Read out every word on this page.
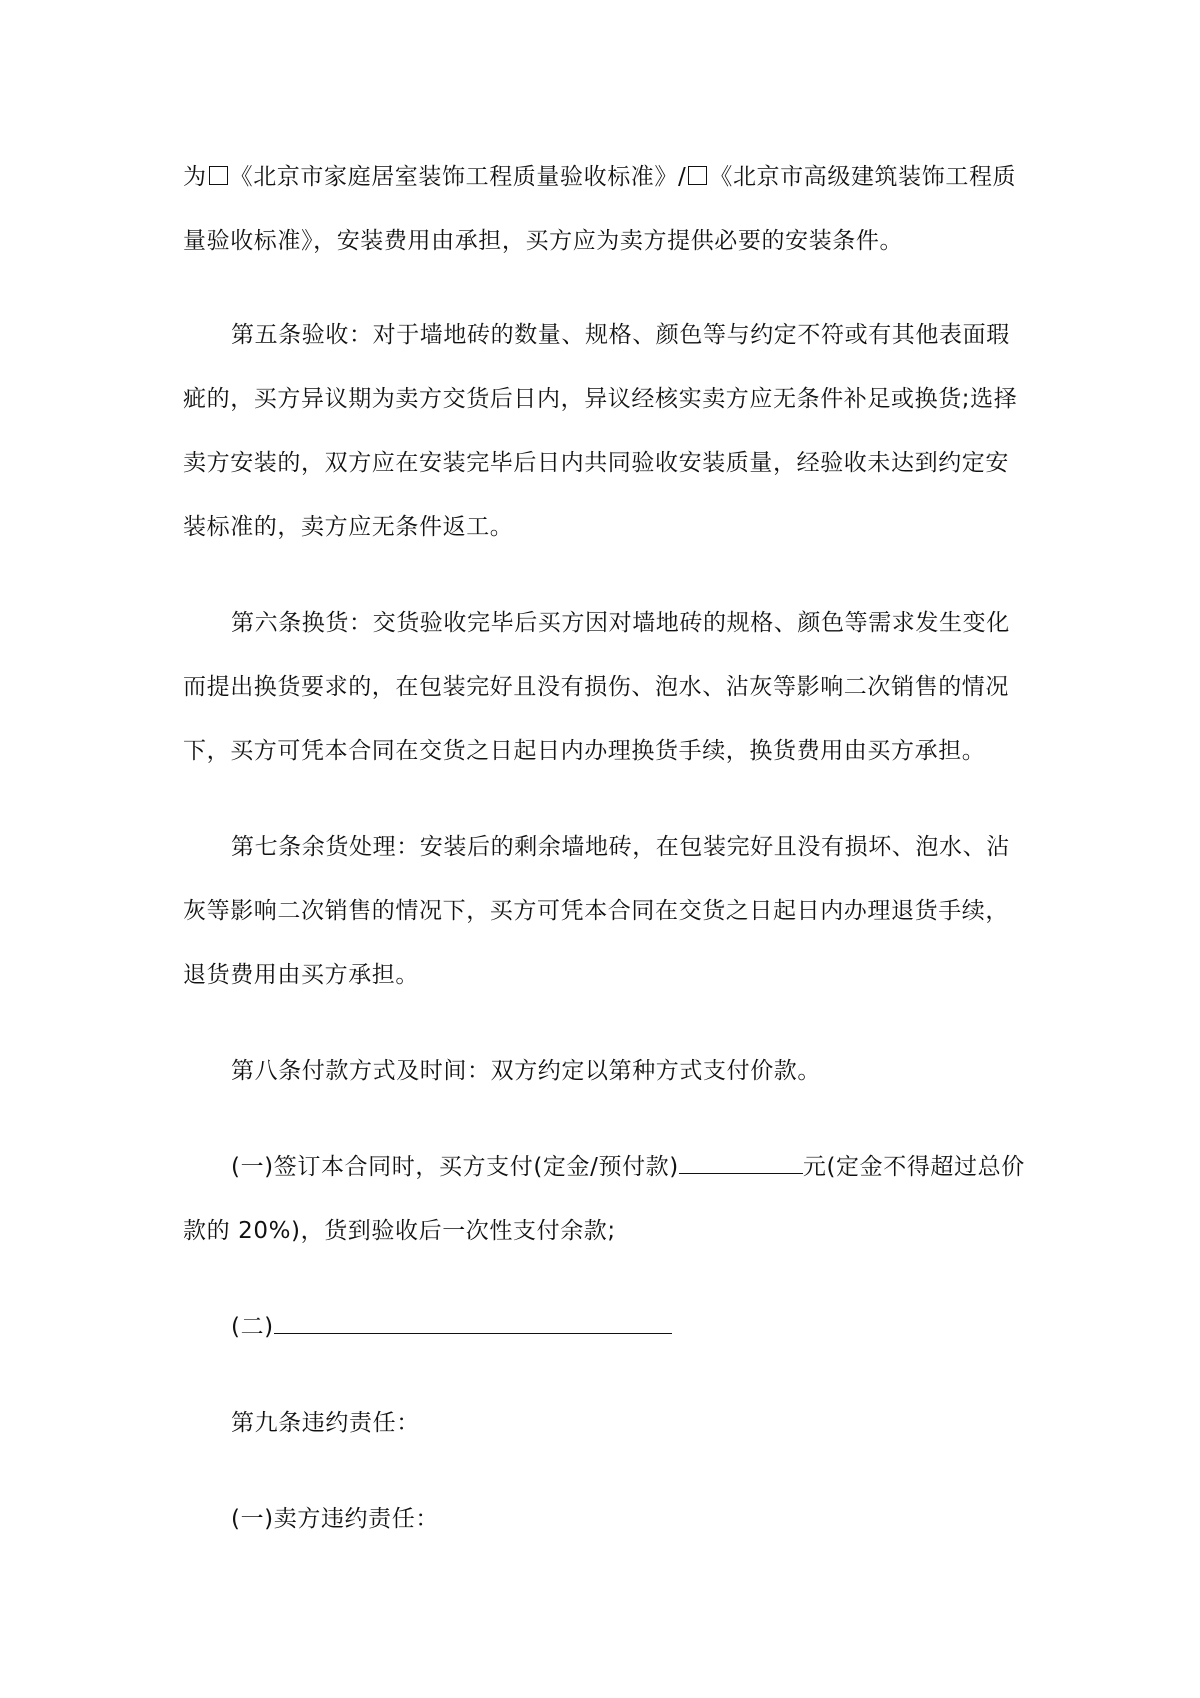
为 《北京市家庭居室装饰工程质量验收标准》/ 《北京市高级建筑装饰工程质量验收标准》，安装费用由承担，买方应为卖方提供必要的安装条件。

第五条验收：对于墙地砖的数量、规格、颜色等与约定不符或有其他表面瑕疵的，买方异议期为卖方交货后日内，异议经核实卖方应无条件补足或换货;选择卖方安装的，双方应在安装完毕后日内共同验收安装质量，经验收未达到约定安装标准的，卖方应无条件返工。

第六条换货：交货验收完毕后买方因对墙地砖的规格、颜色等需求发生变化而提出换货要求的，在包装完好且没有损伤、泡水、沾灰等影响二次销售的情况下，买方可凭本合同在交货之日起日内办理换货手续，换货费用由买方承担。

第七条余货处理：安装后的剩余墙地砖，在包装完好且没有损坏、泡水、沾灰等影响二次销售的情况下，买方可凭本合同在交货之日起日内办理退货手续，退货费用由买方承担。

第八条付款方式及时间：双方约定以第种方式支付价款。

(一)签订本合同时，买方支付(定金/预付款)	元(定金不得超过总价款的 20%)，货到验收后一次性支付余款;

(二)

第九条违约责任：

(一)卖方违约责任：
